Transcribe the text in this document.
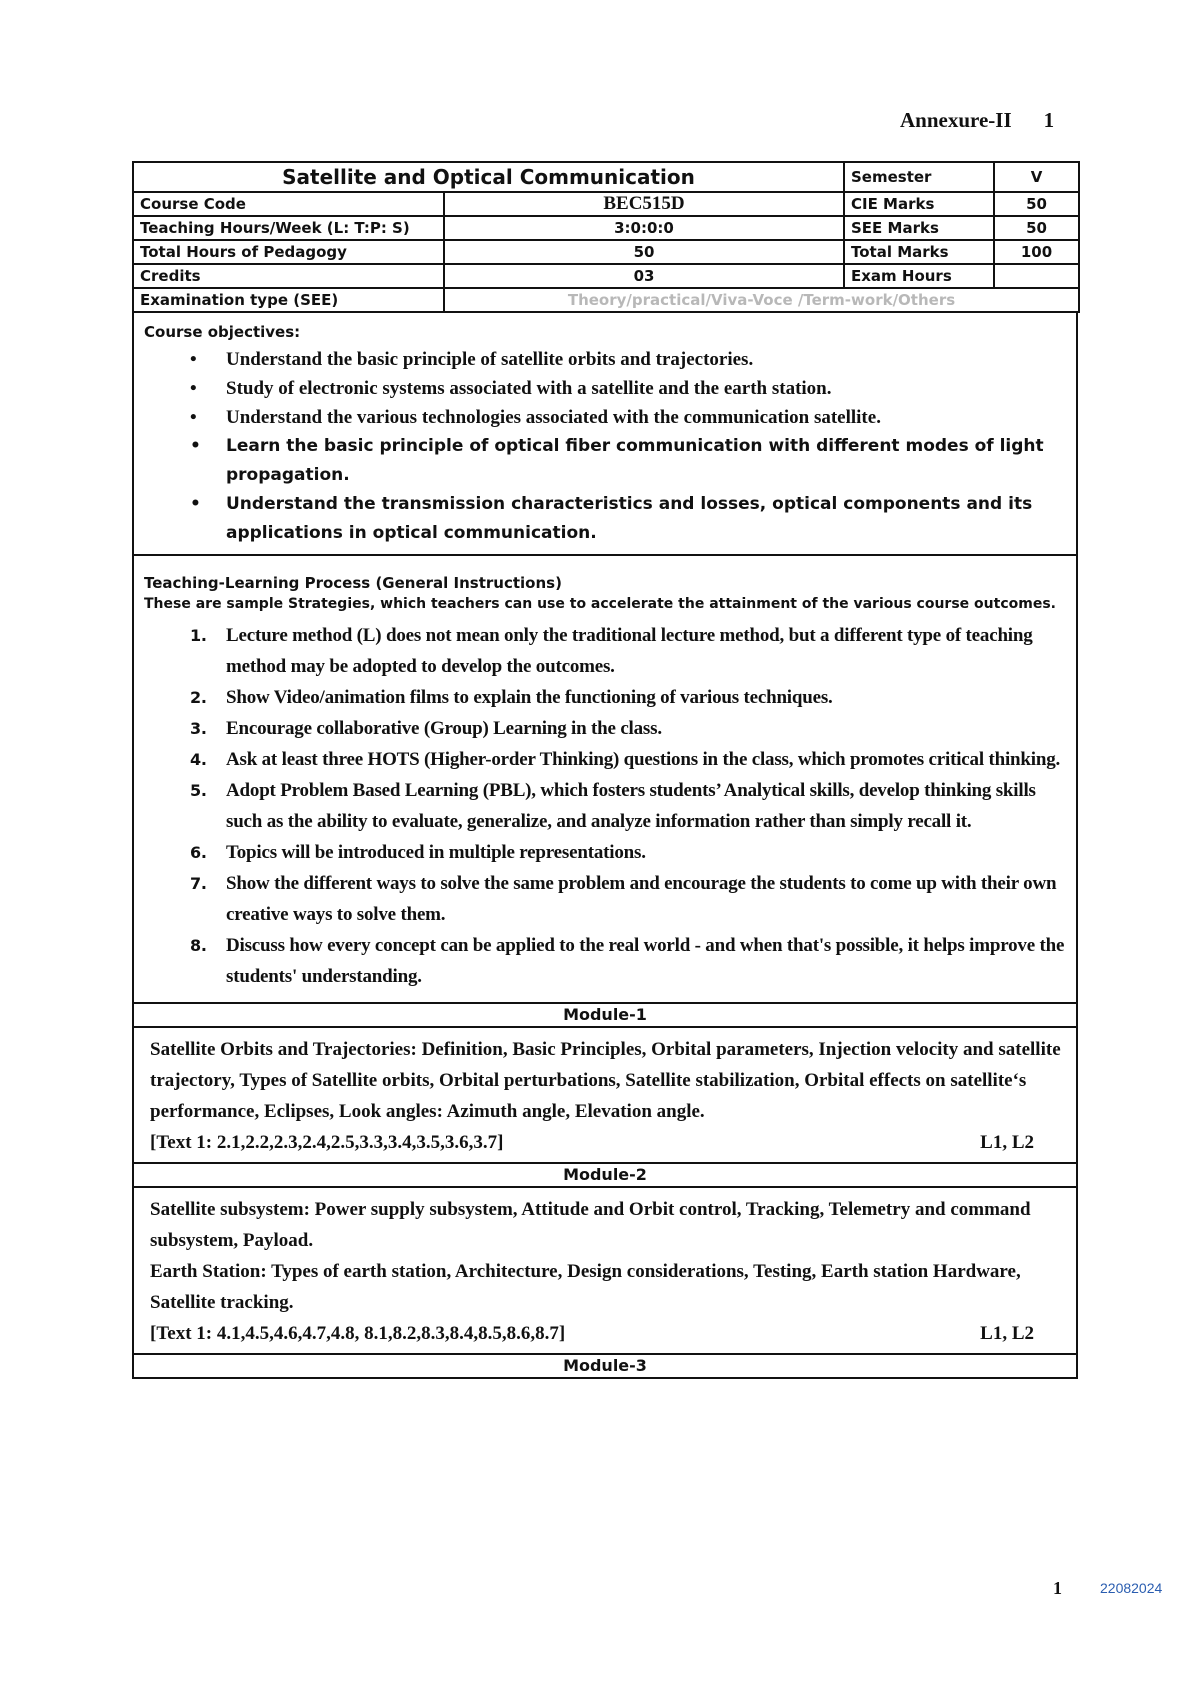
Annexure-II 1
Satellite and Optical Communication		Semester	V
Course Code	BEC515D	CIE Marks	50
Teaching Hours/Week (L: T:P: S)	3:0:0:0	SEE Marks	50
Total Hours of Pedagogy	50	Total Marks	100
Credits	03	Exam Hours	
Examination type (SEE)	Theory/practical/Viva-Voce /Term-work/Others		
Course objectives:
• Understand the basic principle of satellite orbits and trajectories.
• Study of electronic systems associated with a satellite and the earth station.
• Understand the various technologies associated with the communication satellite.
• Learn the basic principle of optical fiber communication with different modes of light propagation.
• Understand the transmission characteristics and losses, optical components and its applications in optical communication.
Teaching-Learning Process (General Instructions)
These are sample Strategies, which teachers can use to accelerate the attainment of the various course outcomes.
1. Lecture method (L) does not mean only the traditional lecture method, but a different type of teaching method may be adopted to develop the outcomes.
2. Show Video/animation films to explain the functioning of various techniques.
3. Encourage collaborative (Group) Learning in the class.
4. Ask at least three HOTS (Higher-order Thinking) questions in the class, which promotes critical thinking.
5. Adopt Problem Based Learning (PBL), which fosters students’ Analytical skills, develop thinking skills such as the ability to evaluate, generalize, and analyze information rather than simply recall it.
6. Topics will be introduced in multiple representations.
7. Show the different ways to solve the same problem and encourage the students to come up with their own creative ways to solve them.
8. Discuss how every concept can be applied to the real world - and when that's possible, it helps improve the students' understanding.
Module-1
Satellite Orbits and Trajectories: Definition, Basic Principles, Orbital parameters, Injection velocity and satellite trajectory, Types of Satellite orbits, Orbital perturbations, Satellite stabilization, Orbital effects on satellite‘s performance, Eclipses, Look angles: Azimuth angle, Elevation angle.
[Text 1: 2.1,2.2,2.3,2.4,2.5,3.3,3.4,3.5,3.6,3.7]	L1, L2
Module-2
Satellite subsystem: Power supply subsystem, Attitude and Orbit control, Tracking, Telemetry and command subsystem, Payload.
Earth Station: Types of earth station, Architecture, Design considerations, Testing, Earth station Hardware, Satellite tracking.
[Text 1: 4.1,4.5,4.6,4.7,4.8, 8.1,8.2,8.3,8.4,8.5,8.6,8.7]	L1, L2
Module-3
1	22082024
